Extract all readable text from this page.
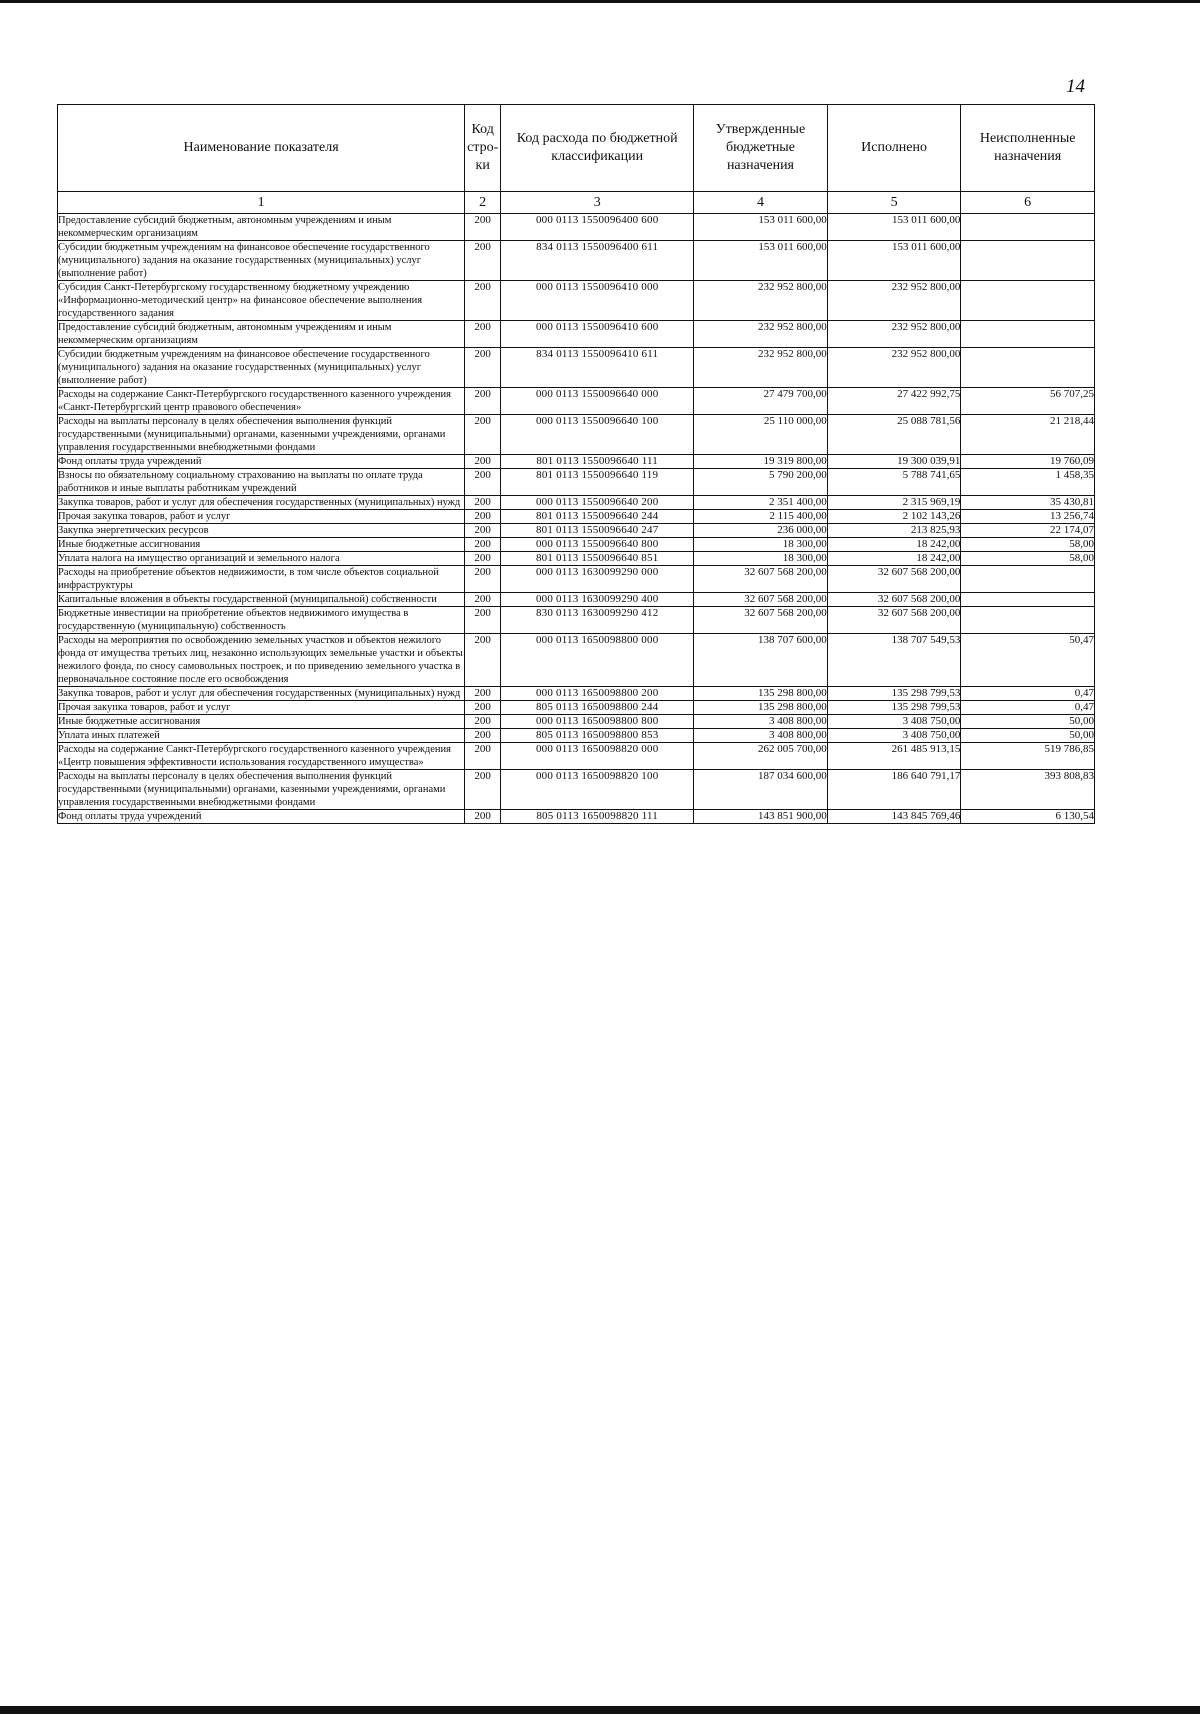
14
Наименование показателя	Код стро-ки	Код расхода по бюджетной классификации	Утвержденные бюджетные назначения	Исполнено	Неисполненные назначения
1	2	3	4	5	6
Предоставление субсидий бюджетным, автономным учреждениям и иным некоммерческим организациям	200	000 0113 1550096400 600	153 011 600,00	153 011 600,00	
Субсидии бюджетным учреждениям на финансовое обеспечение государственного (муниципального) задания на оказание государственных (муниципальных) услуг (выполнение работ)	200	834 0113 1550096400 611	153 011 600,00	153 011 600,00	
Субсидия Санкт-Петербургскому государственному бюджетному учреждению «Информационно-методический центр» на финансовое обеспечение выполнения государственного задания	200	000 0113 1550096410 000	232 952 800,00	232 952 800,00	
Предоставление субсидий бюджетным, автономным учреждениям и иным некоммерческим организациям	200	000 0113 1550096410 600	232 952 800,00	232 952 800,00	
Субсидии бюджетным учреждениям на финансовое обеспечение государственного (муниципального) задания на оказание государственных (муниципальных) услуг (выполнение работ)	200	834 0113 1550096410 611	232 952 800,00	232 952 800,00	
Расходы на содержание Санкт-Петербургского государственного казенного учреждения «Санкт-Петербургский центр правового обеспечения»	200	000 0113 1550096640 000	27 479 700,00	27 422 992,75	56 707,25
Расходы на выплаты персоналу в целях обеспечения выполнения функций государственными (муниципальными) органами, казенными учреждениями, органами управления государственными внебюджетными фондами	200	000 0113 1550096640 100	25 110 000,00	25 088 781,56	21 218,44
Фонд оплаты труда учреждений	200	801 0113 1550096640 111	19 319 800,00	19 300 039,91	19 760,09
Взносы по обязательному социальному страхованию на выплаты по оплате труда работников и иные выплаты работникам учреждений	200	801 0113 1550096640 119	5 790 200,00	5 788 741,65	1 458,35
Закупка товаров, работ и услуг для обеспечения государственных (муниципальных) нужд	200	000 0113 1550096640 200	2 351 400,00	2 315 969,19	35 430,81
Прочая закупка товаров, работ и услуг	200	801 0113 1550096640 244	2 115 400,00	2 102 143,26	13 256,74
Закупка энергетических ресурсов	200	801 0113 1550096640 247	236 000,00	213 825,93	22 174,07
Иные бюджетные ассигнования	200	000 0113 1550096640 800	18 300,00	18 242,00	58,00
Уплата налога на имущество организаций и земельного налога	200	801 0113 1550096640 851	18 300,00	18 242,00	58,00
Расходы на приобретение объектов недвижимости, в том числе объектов социальной инфраструктуры	200	000 0113 1630099290 000	32 607 568 200,00	32 607 568 200,00	
Капитальные вложения в объекты государственной (муниципальной) собственности	200	000 0113 1630099290 400	32 607 568 200,00	32 607 568 200,00	
Бюджетные инвестиции на приобретение объектов недвижимого имущества в государственную (муниципальную) собственность	200	830 0113 1630099290 412	32 607 568 200,00	32 607 568 200,00	
Расходы на мероприятия по освобождению земельных участков и объектов нежилого фонда от имущества третьих лиц, незаконно использующих земельные участки и объекты нежилого фонда, по сносу самовольных построек, и по приведению земельного участка в первоначальное состояние после его освобождения	200	000 0113 1650098800 000	138 707 600,00	138 707 549,53	50,47
Закупка товаров, работ и услуг для обеспечения государственных (муниципальных) нужд	200	000 0113 1650098800 200	135 298 800,00	135 298 799,53	0,47
Прочая закупка товаров, работ и услуг	200	805 0113 1650098800 244	135 298 800,00	135 298 799,53	0,47
Иные бюджетные ассигнования	200	000 0113 1650098800 800	3 408 800,00	3 408 750,00	50,00
Уплата иных платежей	200	805 0113 1650098800 853	3 408 800,00	3 408 750,00	50,00
Расходы на содержание Санкт-Петербургского государственного казенного учреждения «Центр повышения эффективности использования государственного имущества»	200	000 0113 1650098820 000	262 005 700,00	261 485 913,15	519 786,85
Расходы на выплаты персоналу в целях обеспечения выполнения функций государственными (муниципальными) органами, казенными учреждениями, органами управления государственными внебюджетными фондами	200	000 0113 1650098820 100	187 034 600,00	186 640 791,17	393 808,83
Фонд оплаты труда учреждений	200	805 0113 1650098820 111	143 851 900,00	143 845 769,46	6 130,54
